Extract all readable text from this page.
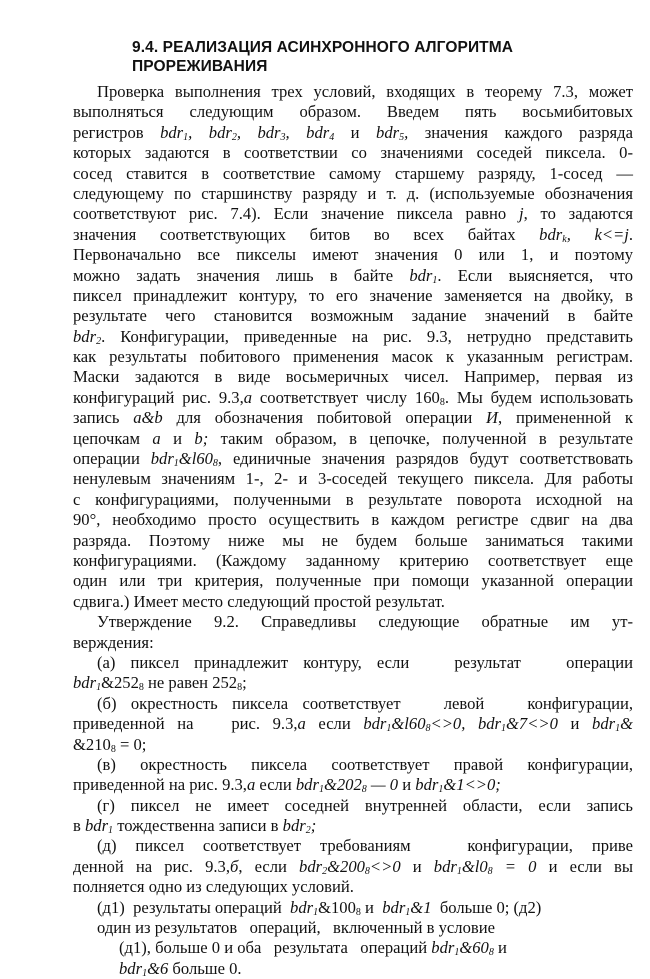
9.4. РЕАЛИЗАЦИЯ АСИНХРОННОГО АЛГОРИТМА
ПРОРЕЖИВАНИЯ
Проверка выполнения трех условий, входящих в теорему 7.3, может
выполняться следующим образом. Введем пять восьмибитовых
регистров bdr$_1$, bdr$_2$, bdr$_3$, bdr$_4$ и bdr$_5$, значения каждого разряда
которых задаются в соответствии со значениями соседей пиксела. 0-
сосед ставится в соответствие самому старшему разряду, 1-сосед —
следующему по старшинству разряду и т. д. (используемые обозначения
соответствуют рис. 7.4). Если значение пиксела равно j, то задаются
значения соответствующих битов во всех байтах bdr$_k$, k<=j.
Первоначально все пикселы имеют значения 0 или 1, и поэтому
можно задать значения лишь в байте bdr$_1$. Если выясняется, что
пиксел принадлежит контуру, то его значение заменяется на двойку, в
результате чего становится возможным задание значений в байте
bdr$_2$. Конфигурации, приведенные на рис. 9.3, нетрудно представить
как результаты побитового применения масок к указанным регистрам.
Маски задаются в виде восьмеричных чисел. Например, первая из
конфигураций рис. 9.3,а соответствует числу $160_8$. Мы будем использовать
запись a&b для обозначения побитовой операции И, примененной к
цепочкам a и b; таким образом, в цепочке, полученной в результате
операции $bdr_1\&l60_8$, единичные значения разрядов будут соответствовать
ненулевым значениям 1-, 2- и 3-соседей текущего пиксела. Для работы
с конфигурациями, полученными в результате поворота исходной на
90°, необходимо просто осуществить в каждом регистре сдвиг на два
разряда. Поэтому ниже мы не будем больше заниматься такими
конфигурациями. (Каждому заданному критерию соответствует еще
один или три критерия, полученные при помощи указанной операции
сдвига.) Имеет место следующий простой результат.
Утверждение 9.2. Справедливы следующие обратные им ут-
верждения:
(а) пиксел принадлежит контуру, если   результат   операции
$bdr_1\&252_8$ не равен $252_8$;
(б) окрестность пиксела соответствует   левой   конфигурации,
приведенной на   рис. 9.3,а если $bdr_1\&l60_8<>0$, bdr$_1$&7<>0 и bdr$_1$&
$\&210_8 = 0$;
(в) окрестность пиксела соответствует правой конфигурации,
приведенной на рис. 9.3,а если $bdr_1\&202_8$ — 0 и bdr$_1$&1<>0;
(г) пиксел не имеет соседней внутренней области, если запись
в bdr$_1$ тождественна записи в bdr$_2$;
(д) пиксел соответствует требованиям   конфигурации, приве
денной на рис. 9.3,б, если $bdr_2\&200_8<>0$ и $bdr_1\&l0_8 = 0$ и если вы
полняется одно из следующих условий.
(д1)  результаты операций  $bdr_1\&100_8$ и  bdr$_1$&1  больше 0; (д2)
один из результатов   операций,   включенный в условие
(д1), больше 0 и оба   результата   операций $bdr_1\&60_8$ и
bdr$_1$&6 больше 0.
